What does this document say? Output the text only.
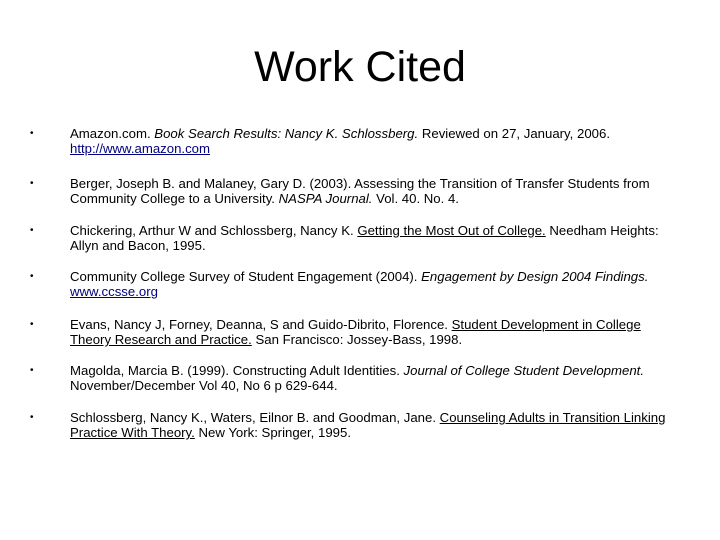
Work Cited
•	Amazon.com. Book Search Results: Nancy K. Schlossberg. Reviewed on 27, January, 2006. http://www.amazon.com
•	Berger, Joseph B. and Malaney, Gary D. (2003). Assessing the Transition of Transfer Students from Community College to a University. NASPA Journal. Vol. 40. No. 4.
•	Chickering, Arthur W and Schlossberg, Nancy K. Getting the Most Out of College. Needham Heights: Allyn and Bacon, 1995.
•	Community College Survey of Student Engagement (2004). Engagement by Design 2004 Findings. www.ccsse.org
•	Evans, Nancy J, Forney, Deanna, S and Guido-Dibrito, Florence. Student Development in College Theory Research and Practice. San Francisco: Jossey-Bass, 1998.
•	Magolda, Marcia B. (1999). Constructing Adult Identities. Journal of College Student Development. November/December Vol 40, No 6 p 629-644.
•	Schlossberg, Nancy K., Waters, Eilnor B. and Goodman, Jane. Counseling Adults in Transition Linking Practice With Theory. New York: Springer, 1995.
